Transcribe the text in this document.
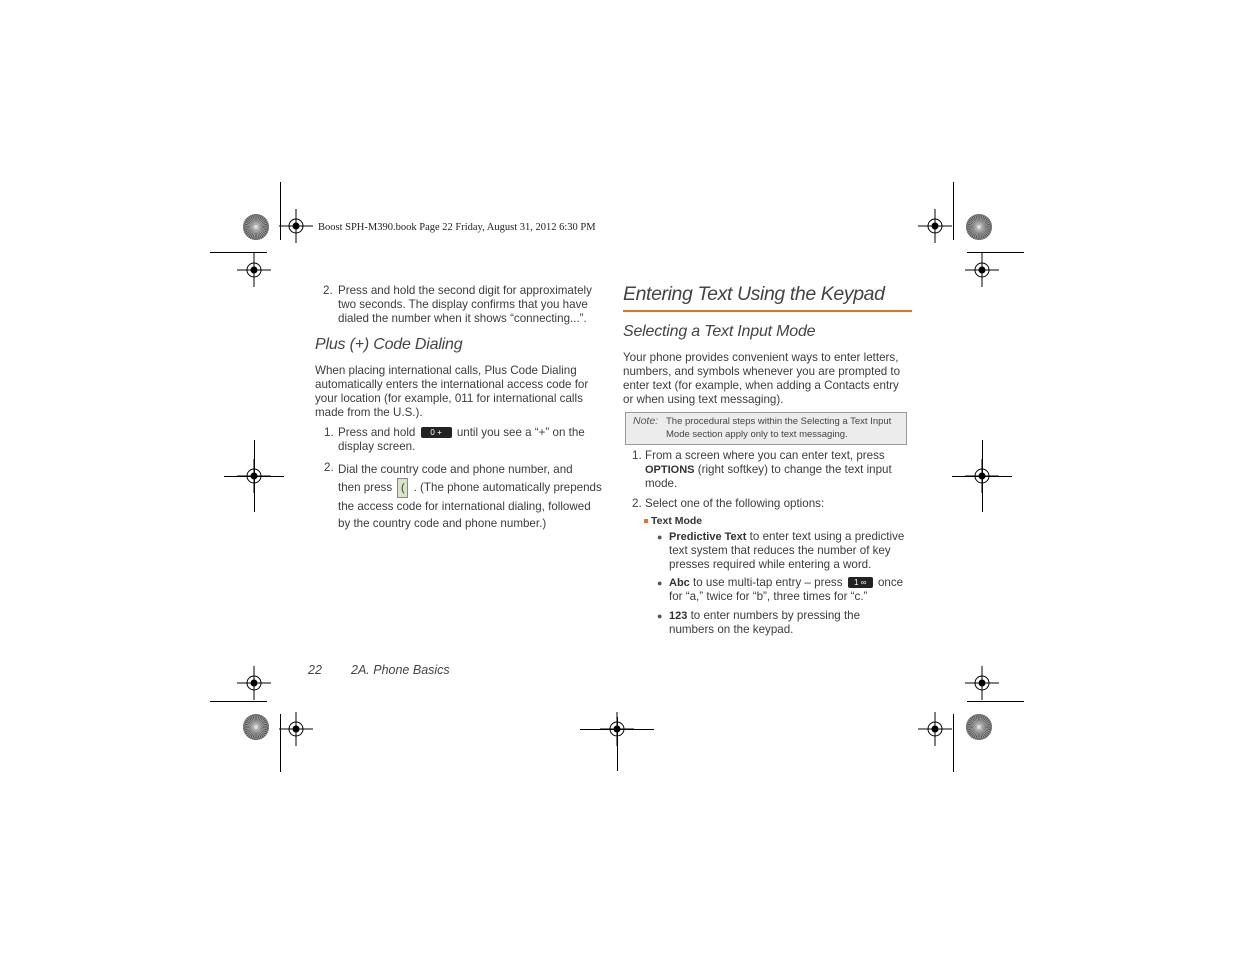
Boost SPH-M390.book Page 22 Friday, August 31, 2012 6:30 PM
2. Press and hold the second digit for approximately
two seconds. The display confirms that you have
dialed the number when it shows “connecting...”.
Plus (+) Code Dialing
When placing international calls, Plus Code Dialing
automatically enters the international access code for
your location (for example, 011 for international calls
made from the U.S.).
1. Press and hold 0 + until you see a “+” on the
display screen.
2. Dial the country code and phone number, and
then press ( . (The phone automatically prepends
the access code for international dialing, followed
by the country code and phone number.)
Entering Text Using the Keypad
Selecting a Text Input Mode
Your phone provides convenient ways to enter letters,
numbers, and symbols whenever you are prompted to
enter text (for example, when adding a Contacts entry
or when using text messaging).
Note: The procedural steps within the Selecting a Text Input
Mode section apply only to text messaging.
1. From a screen where you can enter text, press
OPTIONS (right softkey) to change the text input
mode.
2. Select one of the following options:
Text Mode
● Predictive Text to enter text using a predictive
text system that reduces the number of key
presses required while entering a word.
● Abc to use multi-tap entry – press 1 ∞ once
for “a,” twice for “b”, three times for “c.”
● 123 to enter numbers by pressing the
numbers on the keypad.
22 2A. Phone Basics
